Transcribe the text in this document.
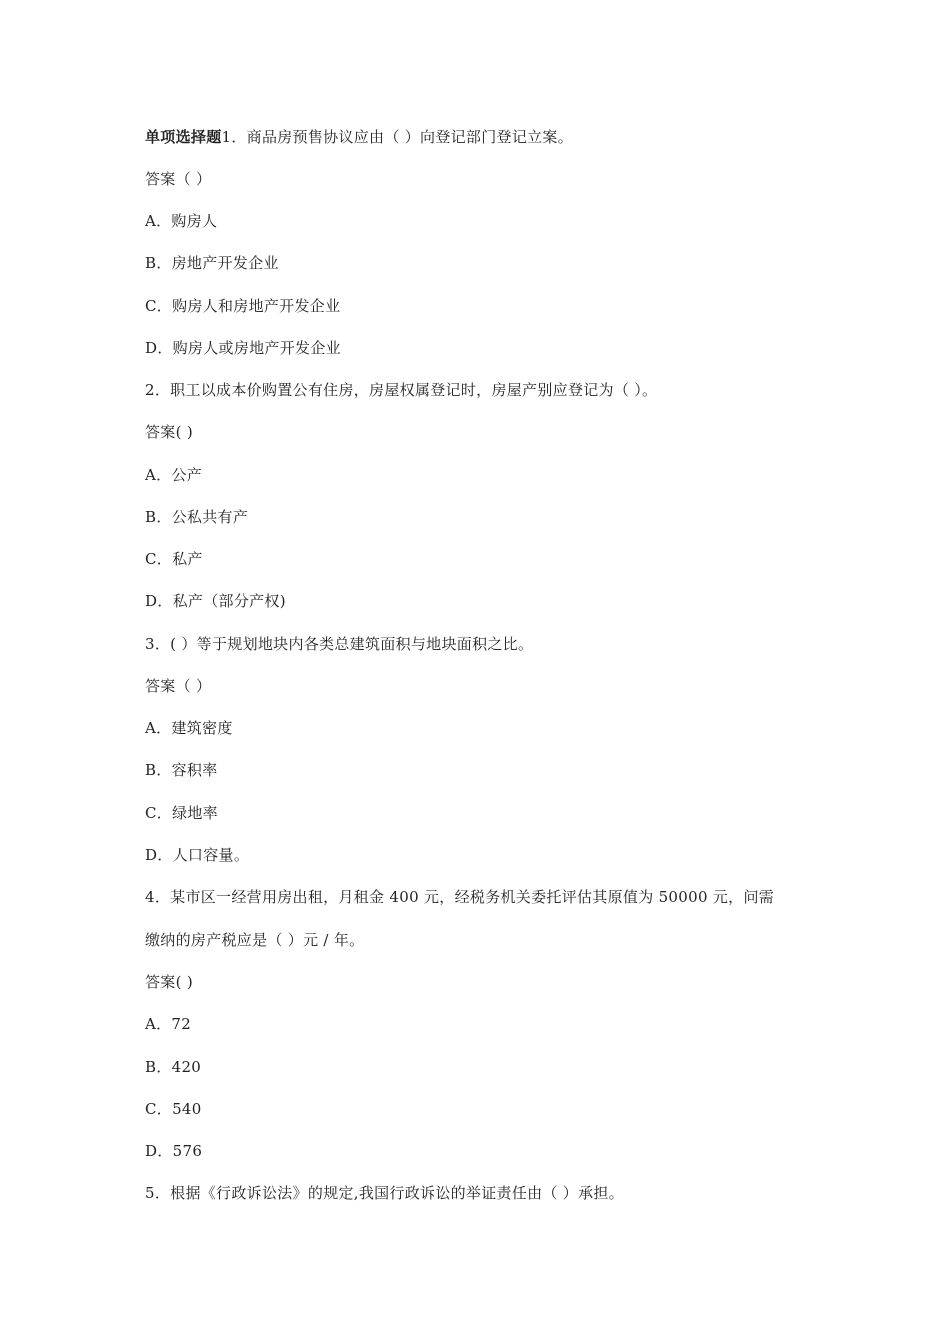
单项选择题1．商品房预售协议应由（ ）向登记部门登记立案。
答案（ ）
A．购房人
B．房地产开发企业
C．购房人和房地产开发企业
D．购房人或房地产开发企业
2．职工以成本价购置公有住房，房屋权属登记时，房屋产别应登记为（ ）。
答案( )
A．公产
B．公私共有产
C．私产
D．私产（部分产权)
3．( ）等于规划地块内各类总建筑面积与地块面积之比。
答案（ ）
A．建筑密度
B．容积率
C．绿地率
D．人口容量。
4．某市区一经营用房出租，月租金 400 元，经税务机关委托评估其原值为 50000 元，问需
缴纳的房产税应是（ ）元 / 年。
答案( )
A．72
B．420
C．540
D．576
5．根据《行政诉讼法》的规定,我国行政诉讼的举证责任由（ ）承担。
